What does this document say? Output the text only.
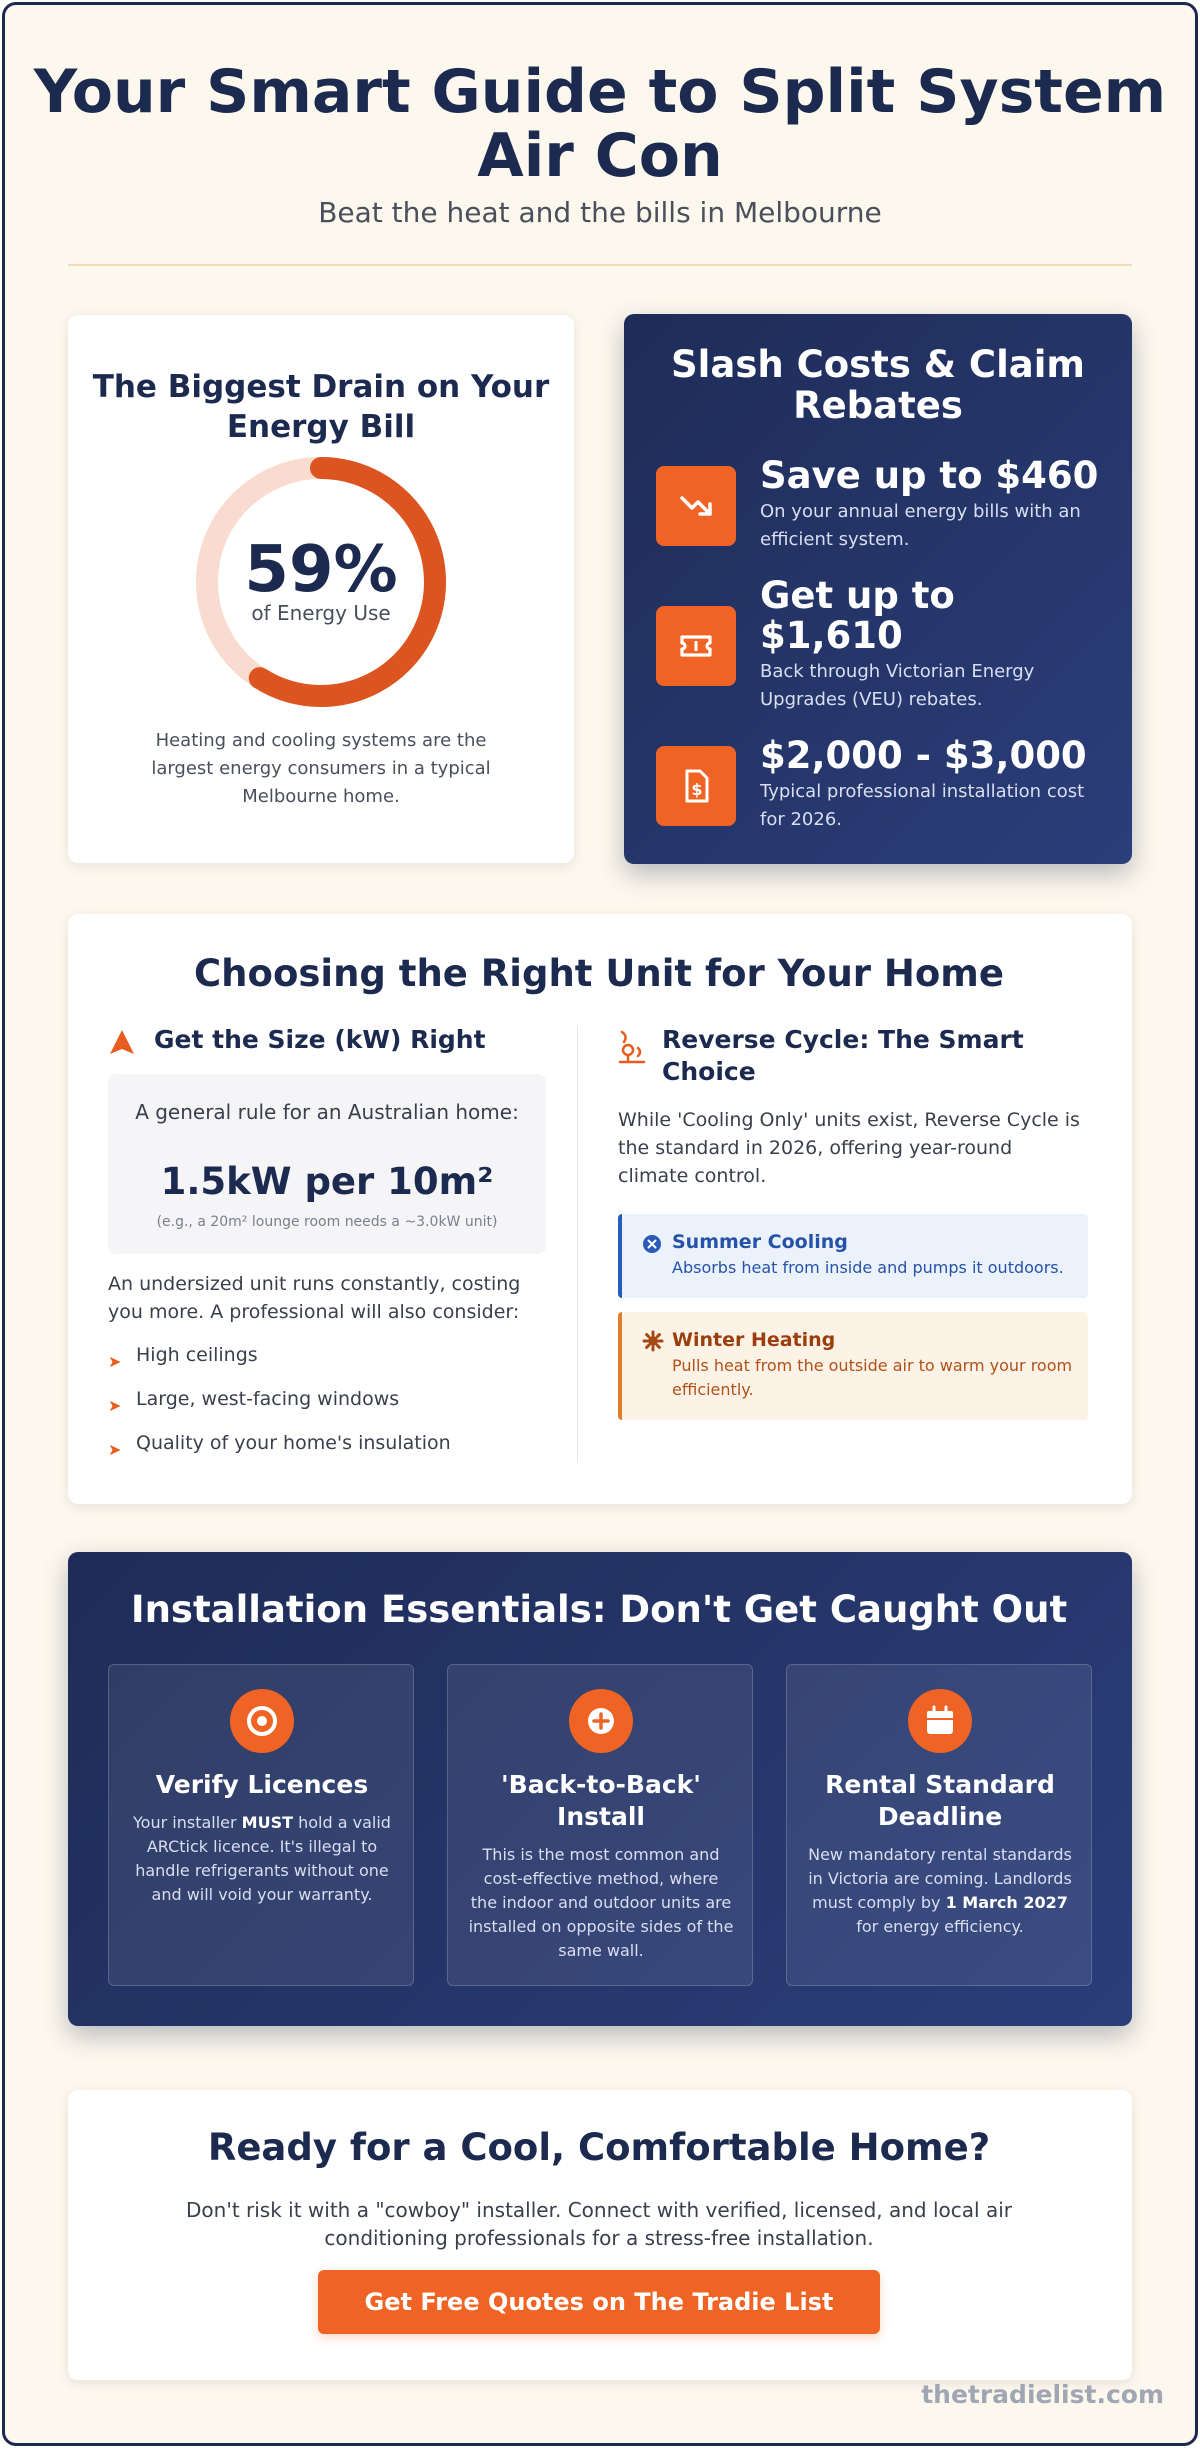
Your Smart Guide to Split System Air Con
Beat the heat and the bills in Melbourne
The Biggest Drain on Your Energy Bill
59%
of Energy Use
Heating and cooling systems are the largest energy consumers in a typical Melbourne home.
Slash Costs & Claim Rebates
Save up to $460
On your annual energy bills with an efficient system.
Get up to $1,610
Back through Victorian Energy Upgrades (VEU) rebates.
$
$2,000 - $3,000
Typical professional installation cost for 2026.
Choosing the Right Unit for Your Home
Get the Size (kW) Right
A general rule for an Australian home:
1.5kW per 10m²
(e.g., a 20m² lounge room needs a ~3.0kW unit)
An undersized unit runs constantly, costing you more. A professional will also consider:
➤ High ceilings
➤ Large, west-facing windows
➤ Quality of your home's insulation
Reverse Cycle: The Smart Choice
While 'Cooling Only' units exist, Reverse Cycle is the standard in 2026, offering year-round climate control.
Summer Cooling
Absorbs heat from inside and pumps it outdoors.
Winter Heating
Pulls heat from the outside air to warm your room efficiently.
Installation Essentials: Don't Get Caught Out
Verify Licences
Your installer MUST hold a valid ARCtick licence. It's illegal to handle refrigerants without one and will void your warranty.
'Back-to-Back' Install
This is the most common and cost-effective method, where the indoor and outdoor units are installed on opposite sides of the same wall.
Rental Standard Deadline
New mandatory rental standards in Victoria are coming. Landlords must comply by 1 March 2027 for energy efficiency.
Ready for a Cool, Comfortable Home?
Don't risk it with a "cowboy" installer. Connect with verified, licensed, and local air conditioning professionals for a stress-free installation.
Get Free Quotes on The Tradie List
thetradielist.com
